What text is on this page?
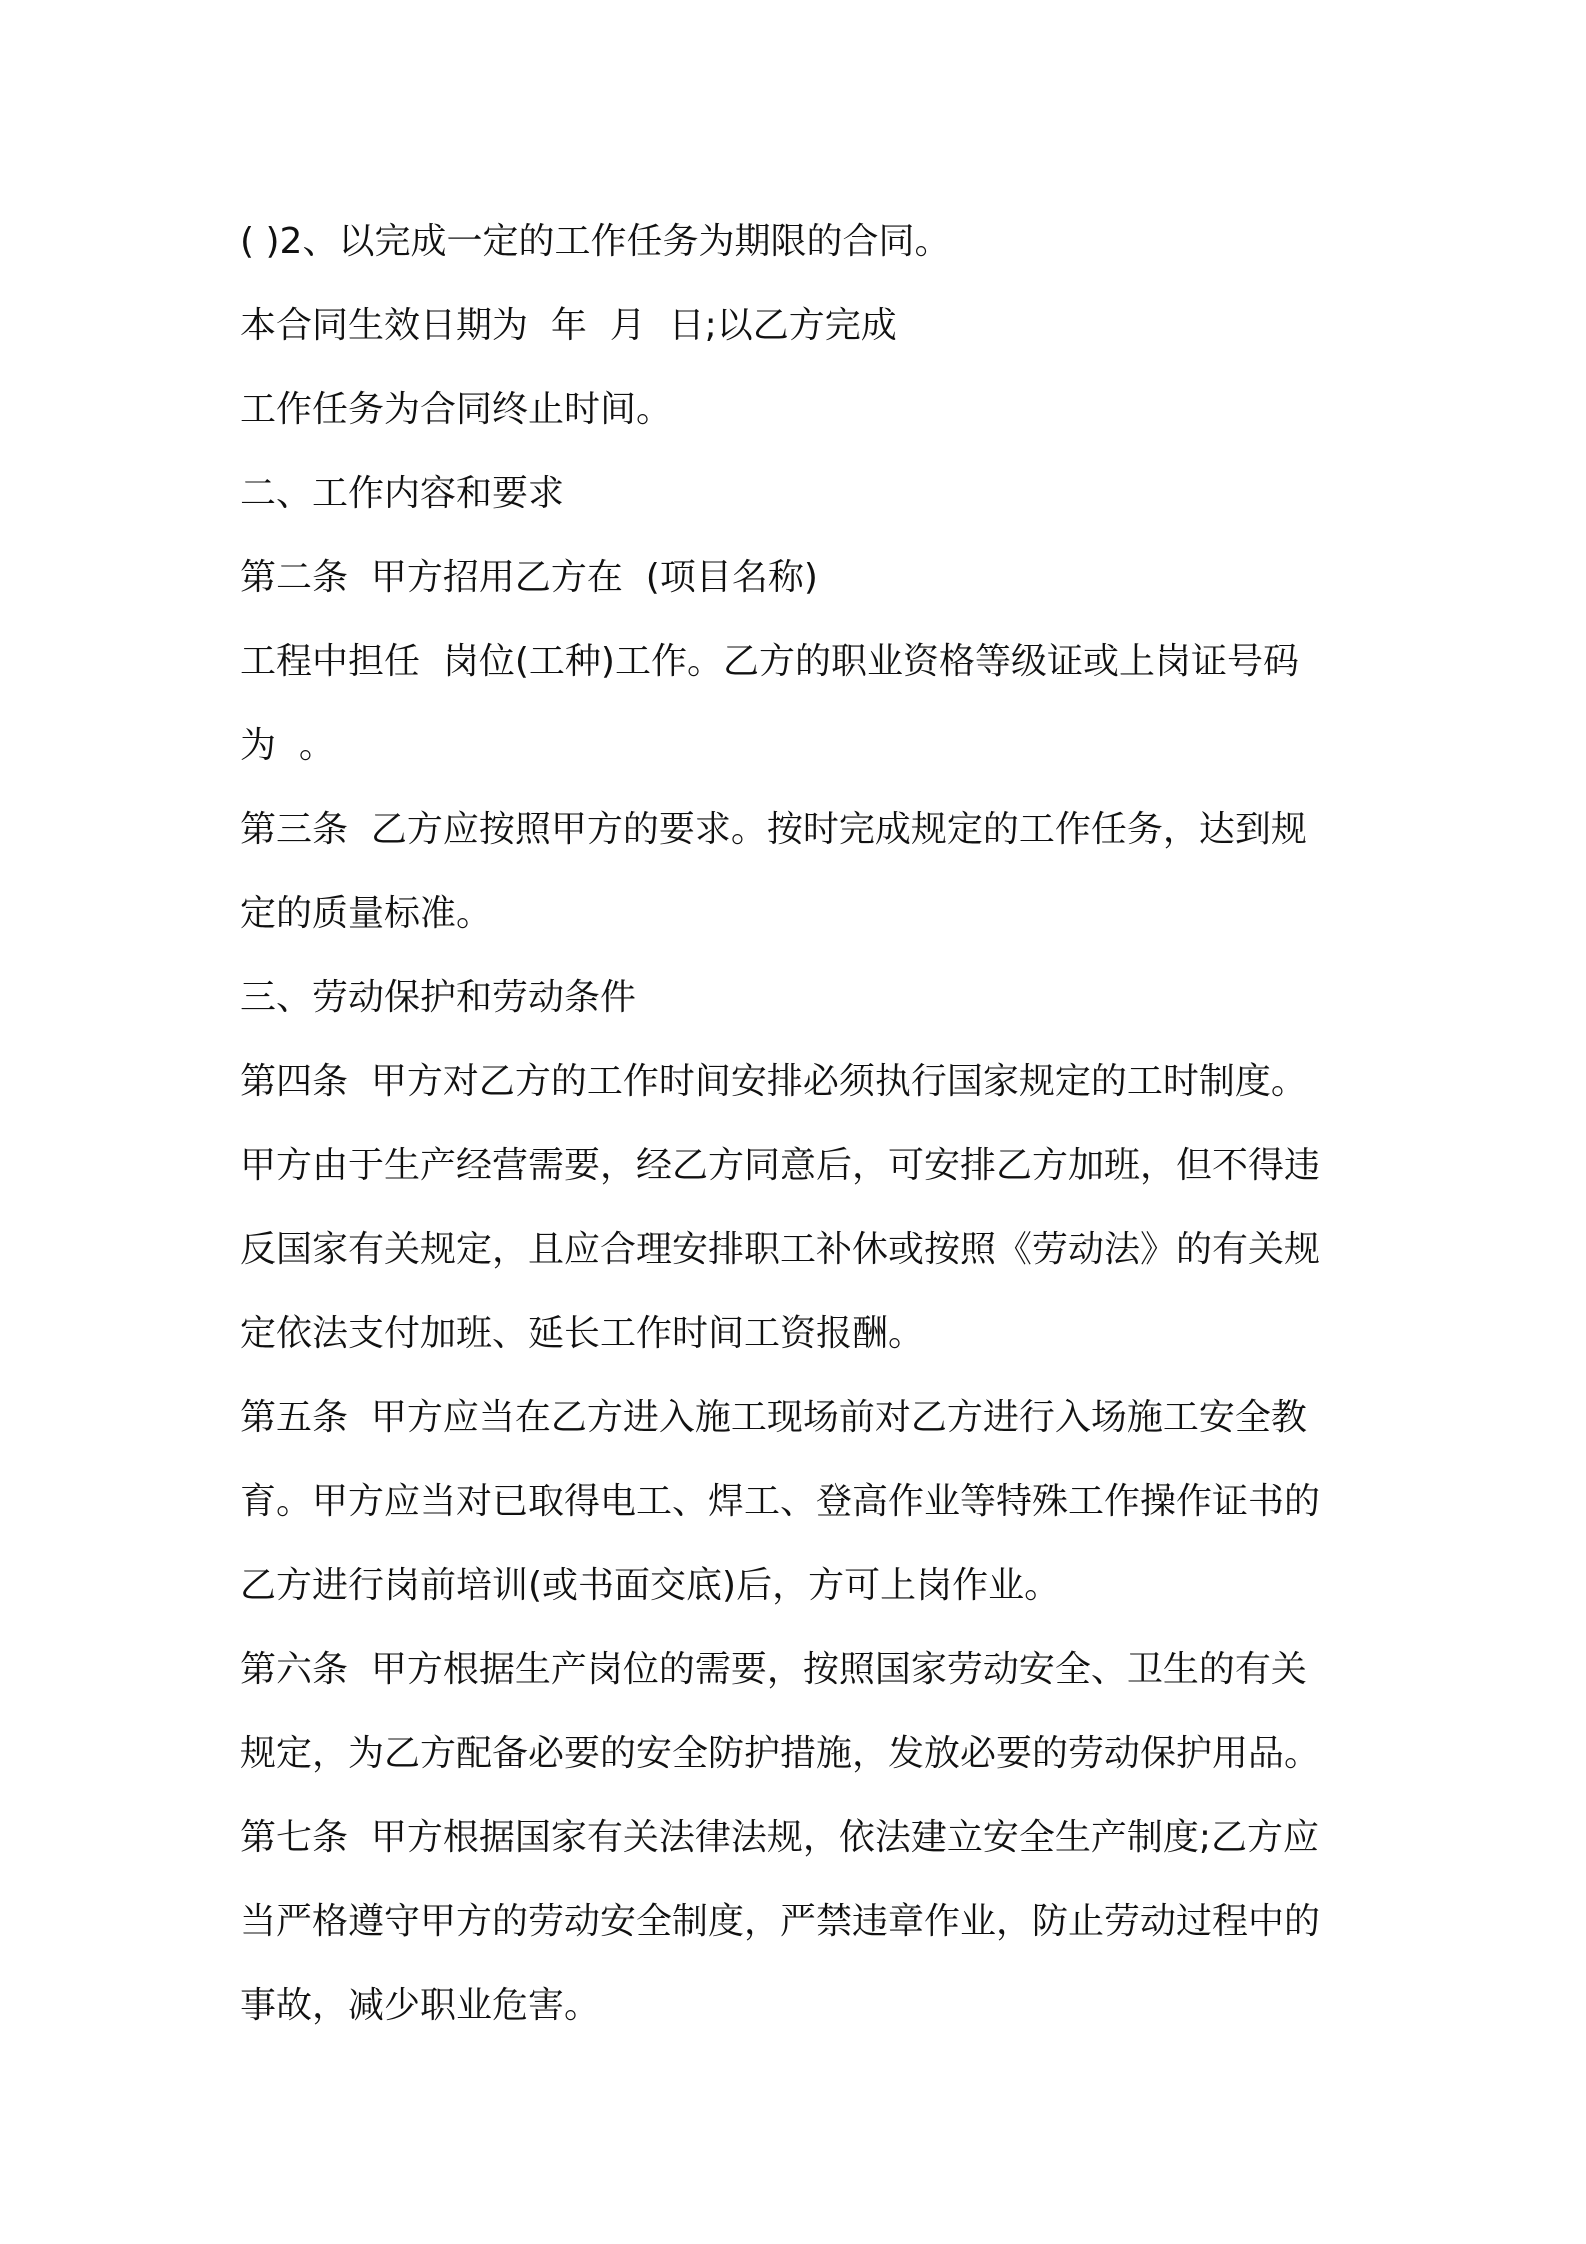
( )2、以完成一定的工作任务为期限的合同。
本合同生效日期为  年  月  日;以乙方完成
工作任务为合同终止时间。
二、工作内容和要求
第二条  甲方招用乙方在  (项目名称)
工程中担任  岗位(工种)工作。乙方的职业资格等级证或上岗证号码
为  。
第三条  乙方应按照甲方的要求。按时完成规定的工作任务，达到规
定的质量标准。
三、劳动保护和劳动条件
第四条  甲方对乙方的工作时间安排必须执行国家规定的工时制度。
甲方由于生产经营需要，经乙方同意后，可安排乙方加班，但不得违
反国家有关规定，且应合理安排职工补休或按照《劳动法》的有关规
定依法支付加班、延长工作时间工资报酬。
第五条  甲方应当在乙方进入施工现场前对乙方进行入场施工安全教
育。甲方应当对已取得电工、焊工、登高作业等特殊工作操作证书的
乙方进行岗前培训(或书面交底)后，方可上岗作业。
第六条  甲方根据生产岗位的需要，按照国家劳动安全、卫生的有关
规定，为乙方配备必要的安全防护措施，发放必要的劳动保护用品。
第七条  甲方根据国家有关法律法规，依法建立安全生产制度;乙方应
当严格遵守甲方的劳动安全制度，严禁违章作业，防止劳动过程中的
事故，减少职业危害。
